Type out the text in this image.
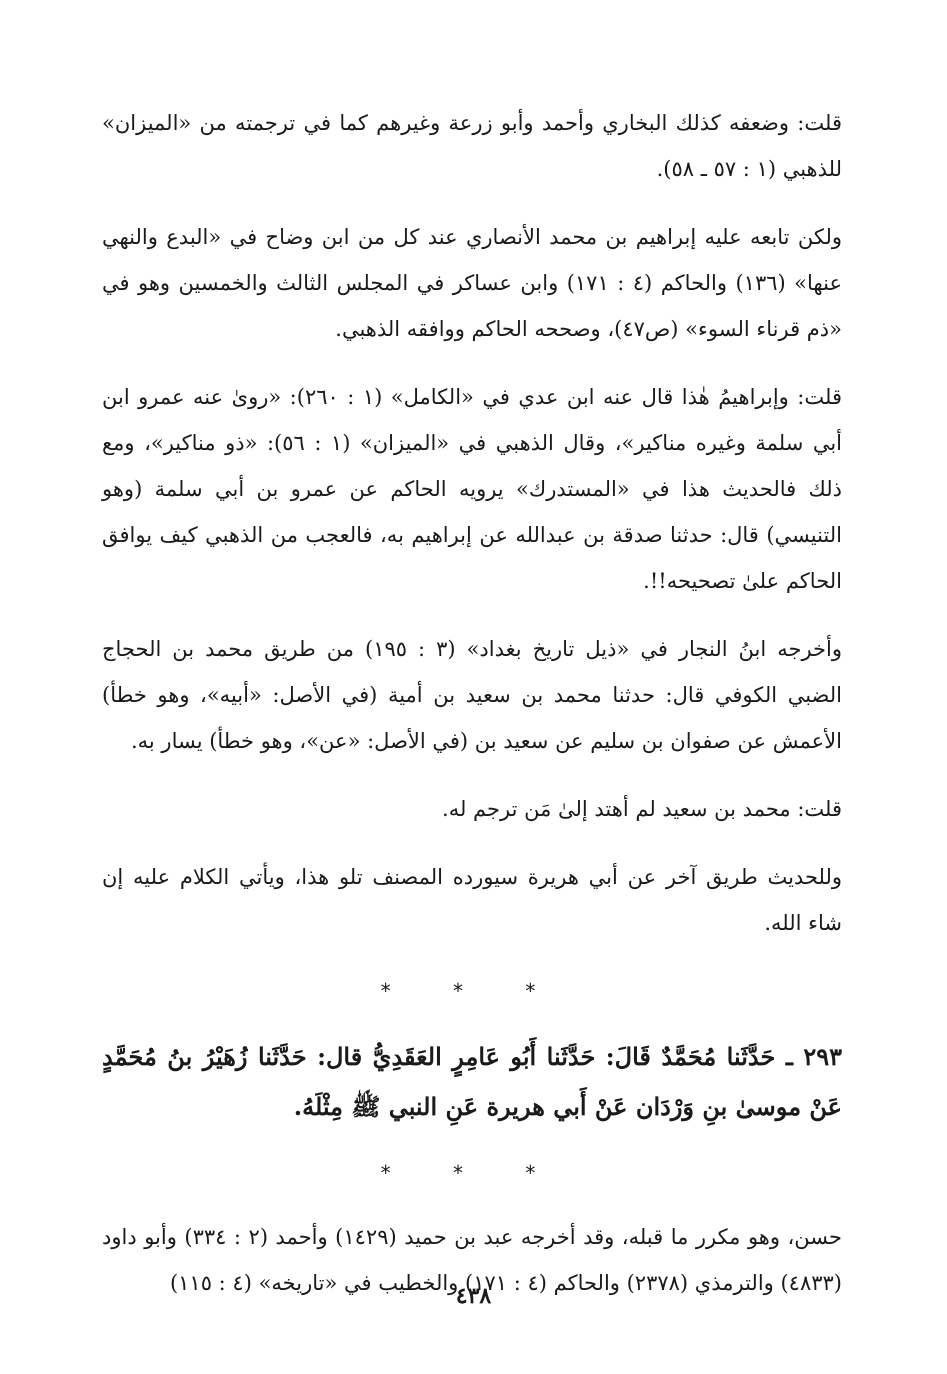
قلت: وضعفه كذلك البخاري وأحمد وأبو زرعة وغيرهم كما في ترجمته من «الميزان» للذهبي (١ : ٥٧ ـ ٥٨).

ولكن تابعه عليه إبراهيم بن محمد الأنصاري عند كل من ابن وضاح في «البدع والنهي عنها» (١٣٦) والحاكم (٤ : ١٧١) وابن عساكر في المجلس الثالث والخمسين وهو في «ذم قرناء السوء» (ص٤٧)، وصححه الحاكم ووافقه الذهبي.

قلت: وإبراهيمُ هٰذا قال عنه ابن عدي في «الكامل» (١ : ٢٦٠): «روىٰ عنه عمرو ابن أبي سلمة وغيره مناكير»، وقال الذهبي في «الميزان» (١ : ٥٦): «ذو مناكير»، ومع ذلك فالحديث هذا في «المستدرك» يرويه الحاكم عن عمرو بن أبي سلمة (وهو التنيسي) قال: حدثنا صدقة بن عبدالله عن إبراهيم به، فالعجب من الذهبي كيف يوافق الحاكم علىٰ تصحيحه!!.

وأخرجه ابنُ النجار في «ذيل تاريخ بغداد» (٣ : ١٩٥) من طريق محمد بن الحجاج الضبي الكوفي قال: حدثنا محمد بن سعيد بن أمية (في الأصل: «أبيه»، وهو خطأ) الأعمش عن صفوان بن سليم عن سعيد بن (في الأصل: «عن»، وهو خطأ) يسار به.

قلت: محمد بن سعيد لم أهتد إلىٰ مَن ترجم له.

وللحديث طريق آخر عن أبي هريرة سيورده المصنف تلو هذا، ويأتي الكلام عليه إن شاء الله.

* * *

٢٩٣ ـ حَدَّثَنا مُحَمَّدٌ قَالَ: حَدَّثَنا أَبُو عَامِرٍ العَقَدِيُّ قال: حَدَّثَنا زُهَيْرُ بنُ مُحَمَّدٍ عَنْ موسىٰ بنِ وَرْدَان عَنْ أَبي هريرة عَنِ النبي ﷺ مِثْلَهُ.

* * *

حسن، وهو مكرر ما قبله، وقد أخرجه عبد بن حميد (١٤٢٩) وأحمد (٢ : ٣٣٤) وأبو داود (٤٨٣٣) والترمذي (٢٣٧٨) والحاكم (٤ : ١٧١) والخطيب في «تاريخه» (٤ : ١١٥)

٤٣٨
